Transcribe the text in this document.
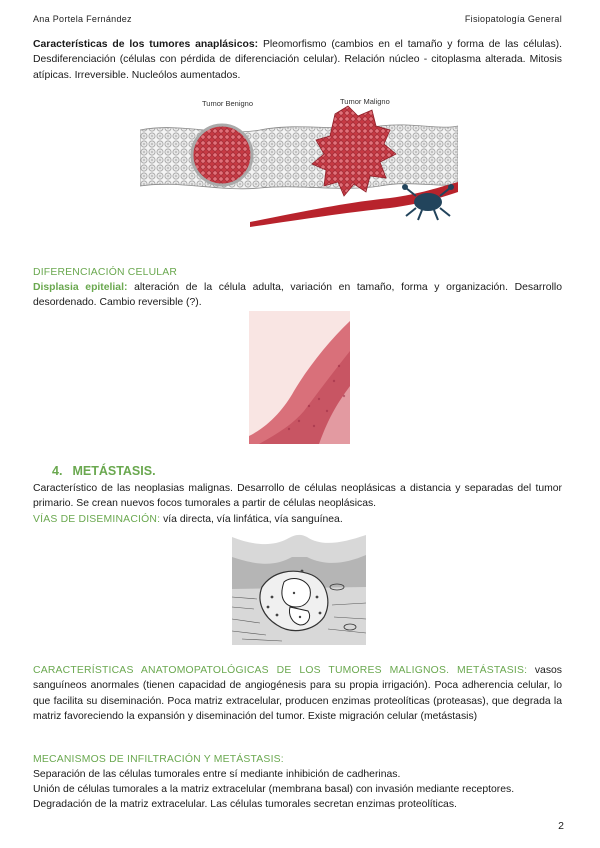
Ana Portela Fernández	Fisiopatología General

Características de los tumores anaplásicos: Pleomorfismo (cambios en el tamaño y forma de las células). Desdiferenciación (células con pérdida de diferenciación celular). Relación núcleo - citoplasma alterada. Mitosis atípicas. Irreversible. Nucleólos aumentados.

Tumor Benigno	Tumor Maligno
DIFERENCIACIÓN CELULAR

Displasia epitelial: alteración de la célula adulta, variación en tamaño, forma y organización. Desarrollo desordenado. Cambio reversible (?).

4. METÁSTASIS.

Característico de las neoplasias malignas. Desarrollo de células neoplásicas a distancia y separadas del tumor primario. Se crean nuevos focos tumorales a partir de células neoplásicas.

VÍAS DE DISEMINACIÓN: vía directa, vía linfática, vía sanguínea.

CARACTERÍSTICAS ANATOMOPATOLÓGICAS DE LOS TUMORES MALIGNOS. METÁSTASIS: vasos sanguíneos anormales (tienen capacidad de angiogénesis para su propia irrigación). Poca adherencia celular, lo que facilita su diseminación. Poca matriz extracelular, producen enzimas proteolíticas (proteasas), que degrada la matriz favoreciendo la expansión y diseminación del tumor. Existe migración celular (metástasis)

MECANISMOS DE INFILTRACIÓN Y METÁSTASIS:
Separación de las células tumorales entre sí mediante inhibición de cadherinas.
Unión de células tumorales a la matriz extracelular (membrana basal) con invasión mediante receptores.
Degradación de la matriz extracelular. Las células tumorales secretan enzimas proteolíticas.
2
